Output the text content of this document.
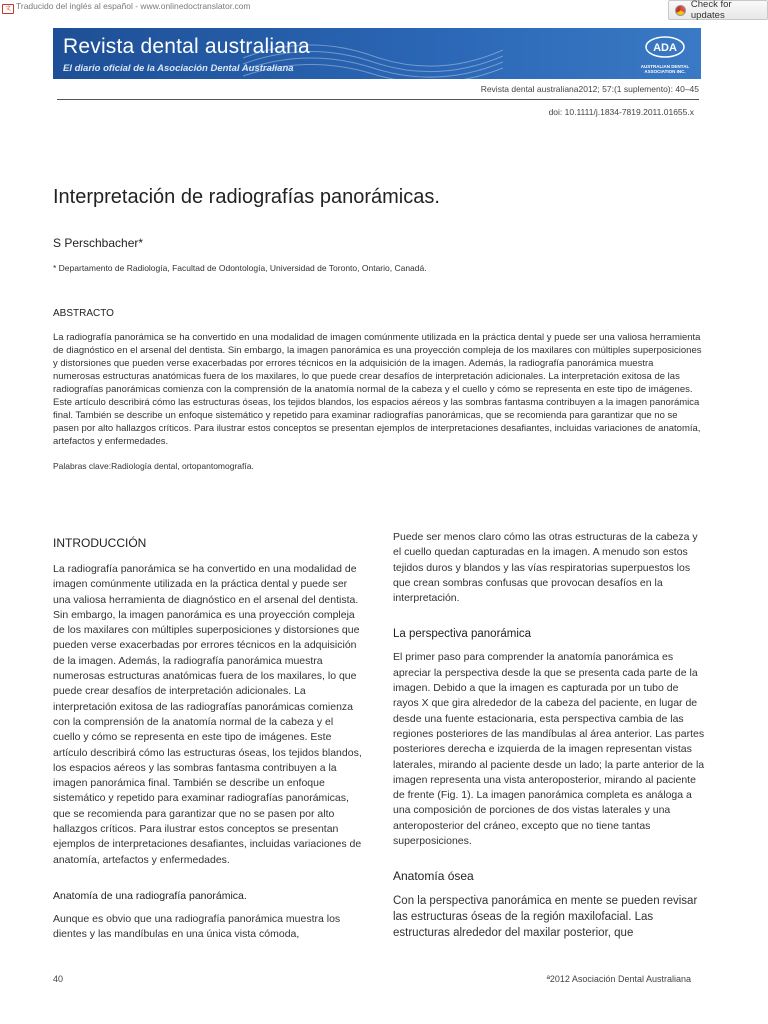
文 Traducido del inglés al español - www.onlinedoctranslator.com	Check for updates
Revista dental australiana
El diario oficial de la Asociación Dental Australiana
ADA
AUSTRALIAN DENTAL ASSOCIATION INC.
Revista dental australiana2012; 57:(1 suplemento): 40–45
doi: 10.1111/j.1834-7819.2011.01655.x
Interpretación de radiografías panorámicas.
S Perschbacher*
* Departamento de Radiología, Facultad de Odontología, Universidad de Toronto, Ontario, Canadá.
ABSTRACTO
La radiografía panorámica se ha convertido en una modalidad de imagen comúnmente utilizada en la práctica dental y puede ser una valiosa herramienta de diagnóstico en el arsenal del dentista. Sin embargo, la imagen panorámica es una proyección compleja de los maxilares con múltiples superposiciones y distorsiones que pueden verse exacerbadas por errores técnicos en la adquisición de la imagen. Además, la radiografía panorámica muestra numerosas estructuras anatómicas fuera de los maxilares, lo que puede crear desafíos de interpretación adicionales. La interpretación exitosa de las radiografías panorámicas comienza con la comprensión de la anatomía normal de la cabeza y el cuello y cómo se representa en este tipo de imágenes. Este artículo describirá cómo las estructuras óseas, los tejidos blandos, los espacios aéreos y las sombras fantasma contribuyen a la imagen panorámica final. También se describe un enfoque sistemático y repetido para examinar radiografías panorámicas, que se recomienda para garantizar que no se pasen por alto hallazgos críticos. Para ilustrar estos conceptos se presentan ejemplos de interpretaciones desafiantes, incluidas variaciones de anatomía, artefactos y enfermedades.
Palabras clave:Radiología dental, ortopantomografía.
INTRODUCCIÓN

La radiografía panorámica se ha convertido en una modalidad de imagen comúnmente utilizada en la práctica dental y puede ser una valiosa herramienta de diagnóstico en el arsenal del dentista. Sin embargo, la imagen panorámica es una proyección compleja de los maxilares con múltiples superposiciones y distorsiones que pueden verse exacerbadas por errores técnicos en la adquisición de la imagen. Además, la radiografía panorámica muestra numerosas estructuras anatómicas fuera de los maxilares, lo que puede crear desafíos de interpretación adicionales. La interpretación exitosa de las radiografías panorámicas comienza con la comprensión de la anatomía normal de la cabeza y el cuello y cómo se representa en este tipo de imágenes. Este artículo describirá cómo las estructuras óseas, los tejidos blandos, los espacios aéreos y las sombras fantasma contribuyen a la imagen panorámica final. También se describe un enfoque sistemático y repetido para examinar radiografías panorámicas, que se recomienda para garantizar que no se pasen por alto hallazgos críticos. Para ilustrar estos conceptos se presentan ejemplos de interpretaciones desafiantes, incluidas variaciones de anatomía, artefactos y enfermedades.

Anatomía de una radiografía panorámica.

Aunque es obvio que una radiografía panorámica muestra los dientes y las mandíbulas en una única vista cómoda,

Puede ser menos claro cómo las otras estructuras de la cabeza y el cuello quedan capturadas en la imagen. A menudo son estos tejidos duros y blandos y las vías respiratorias superpuestos los que crean sombras confusas que provocan desafíos en la interpretación.

La perspectiva panorámica

El primer paso para comprender la anatomía panorámica es apreciar la perspectiva desde la que se presenta cada parte de la imagen. Debido a que la imagen es capturada por un tubo de rayos X que gira alrededor de la cabeza del paciente, en lugar de desde una fuente estacionaria, esta perspectiva cambia de las regiones posteriores de las mandíbulas al área anterior. Las partes posteriores derecha e izquierda de la imagen representan vistas laterales, mirando al paciente desde un lado; la parte anterior de la imagen representa una vista anteroposterior, mirando al paciente de frente (Fig. 1). La imagen panorámica completa es análoga a una composición de porciones de dos vistas laterales y una anteroposterior del cráneo, excepto que no tiene tantas superposiciones.

Anatomía ósea

Con la perspectiva panorámica en mente se pueden revisar las estructuras óseas de la región maxilofacial. Las estructuras alrededor del maxilar posterior, que

40	ª2012 Asociación Dental Australiana
